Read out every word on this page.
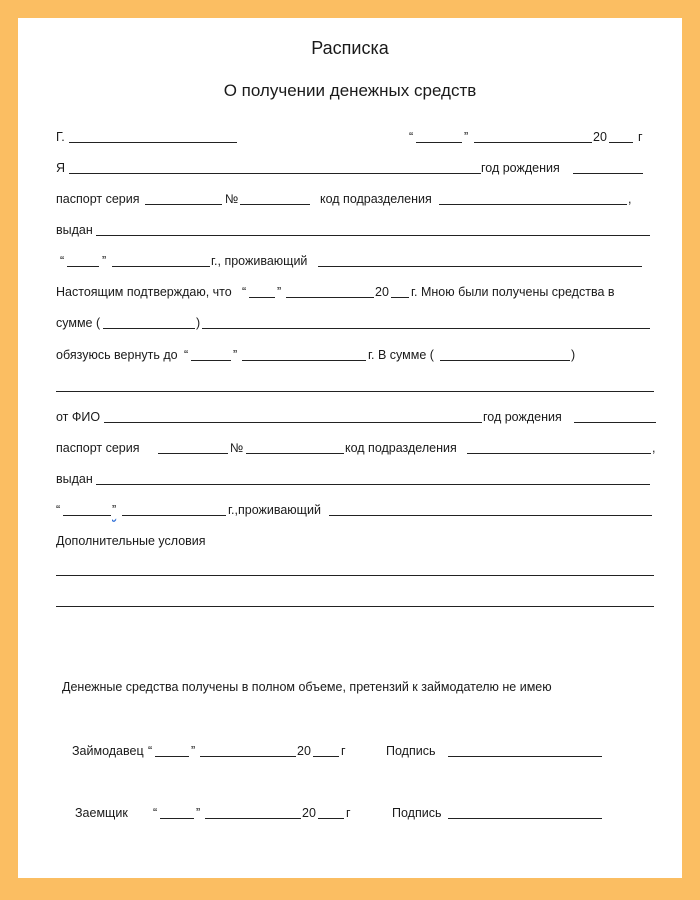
Расписка
О получении денежных средств
Г.	“	”	20 г
Я	год рождения
паспорт серия	№	код подразделения	,
выдан
“	”	г., проживающий
Настоящим подтверждаю, что “ ”	20 г. Мною были получены средства в
сумме (	)
обязуюсь вернуть до “	”	г. В сумме (	)
от ФИО	год рождения
паспорт серия	№	код подразделения	,
выдан
“	”	г.,проживающий
Дополнительные условия
Денежные средства получены в полном объеме, претензий к займодателю не имею
Займодавец “	”	20 г	Подпись
Заемщик “	”	20 г	Подпись
